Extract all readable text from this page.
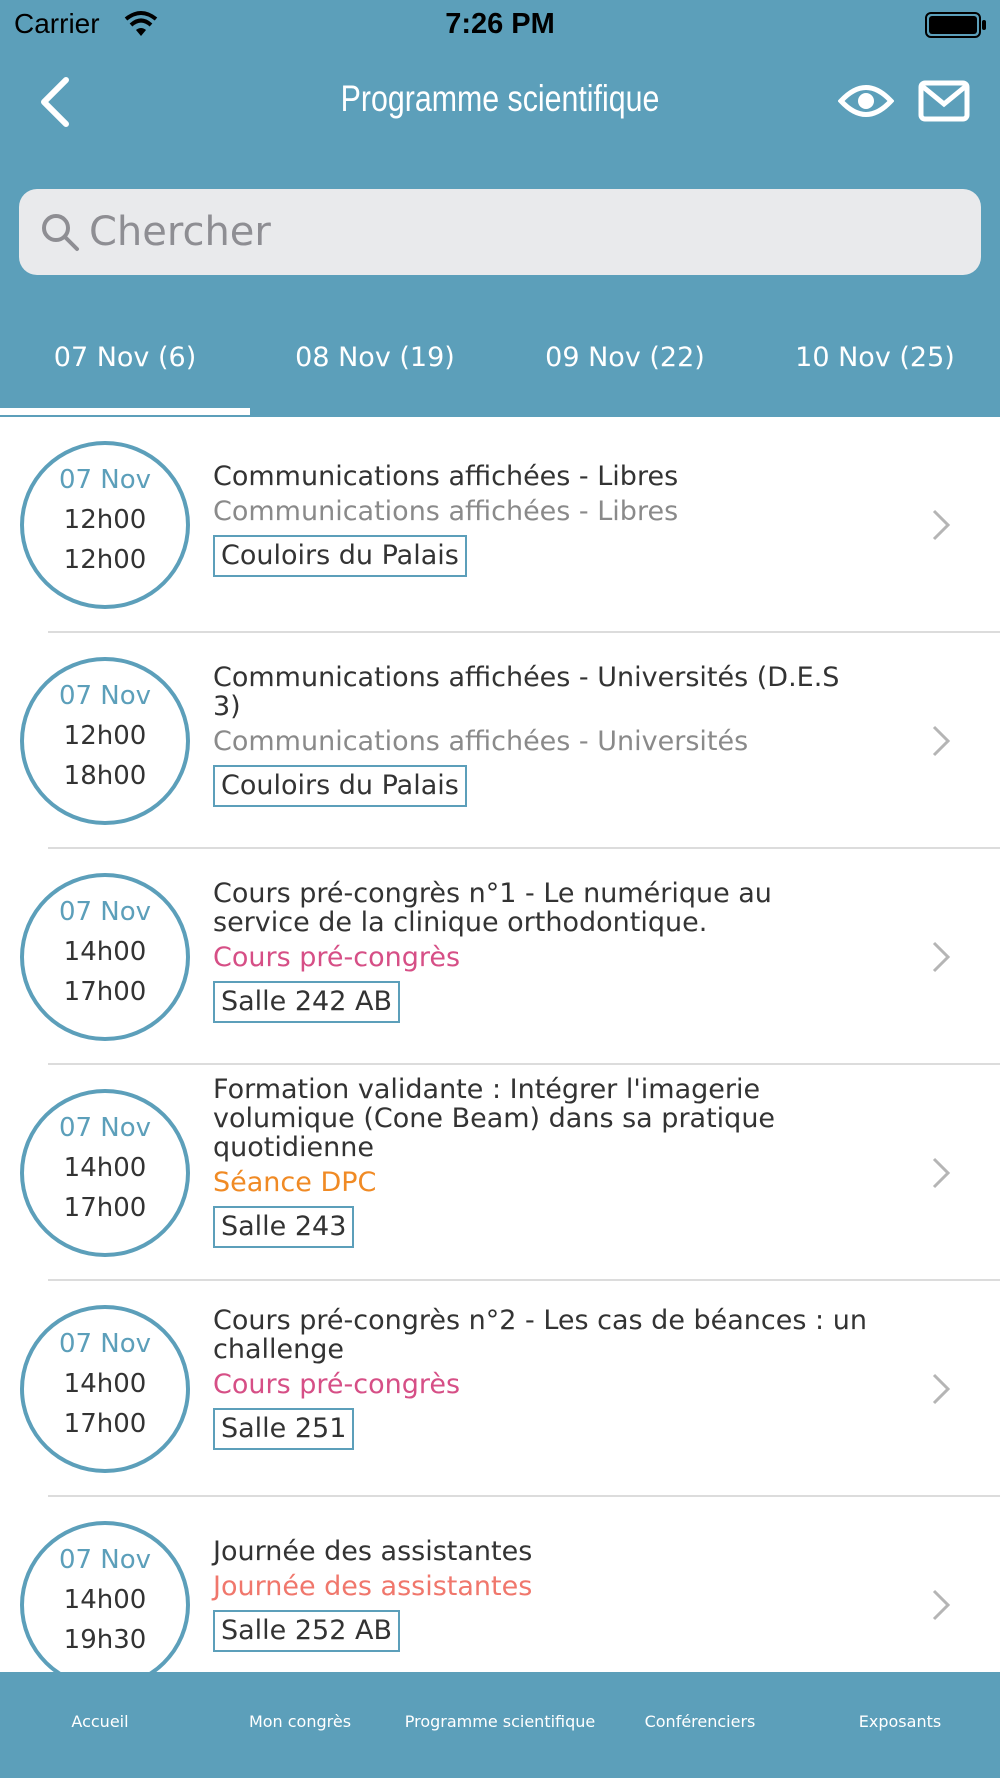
Carrier	7:26 PM
Programme scientifique
Chercher
07 Nov (6)	08 Nov (19)	09 Nov (22)	10 Nov (25)
07 Nov
12h00
12h00
Communications affichées - Libres
Communications affichées - Libres
Couloirs du Palais
07 Nov
12h00
18h00
Communications affichées - Universités (D.E.S 3)
Communications affichées - Universités
Couloirs du Palais
07 Nov
14h00
17h00
Cours pré-congrès n°1 - Le numérique au service de la clinique orthodontique.
Cours pré-congrès
Salle 242 AB
07 Nov
14h00
17h00
Formation validante : Intégrer l'imagerie volumique (Cone Beam) dans sa pratique quotidienne
Séance DPC
Salle 243
07 Nov
14h00
17h00
Cours pré-congrès n°2 - Les cas de béances : un challenge
Cours pré-congrès
Salle 251
07 Nov
14h00
19h30
Journée des assistantes
Journée des assistantes
Salle 252 AB
Accueil	Mon congrès	Programme scientifique	Conférenciers	Exposants
